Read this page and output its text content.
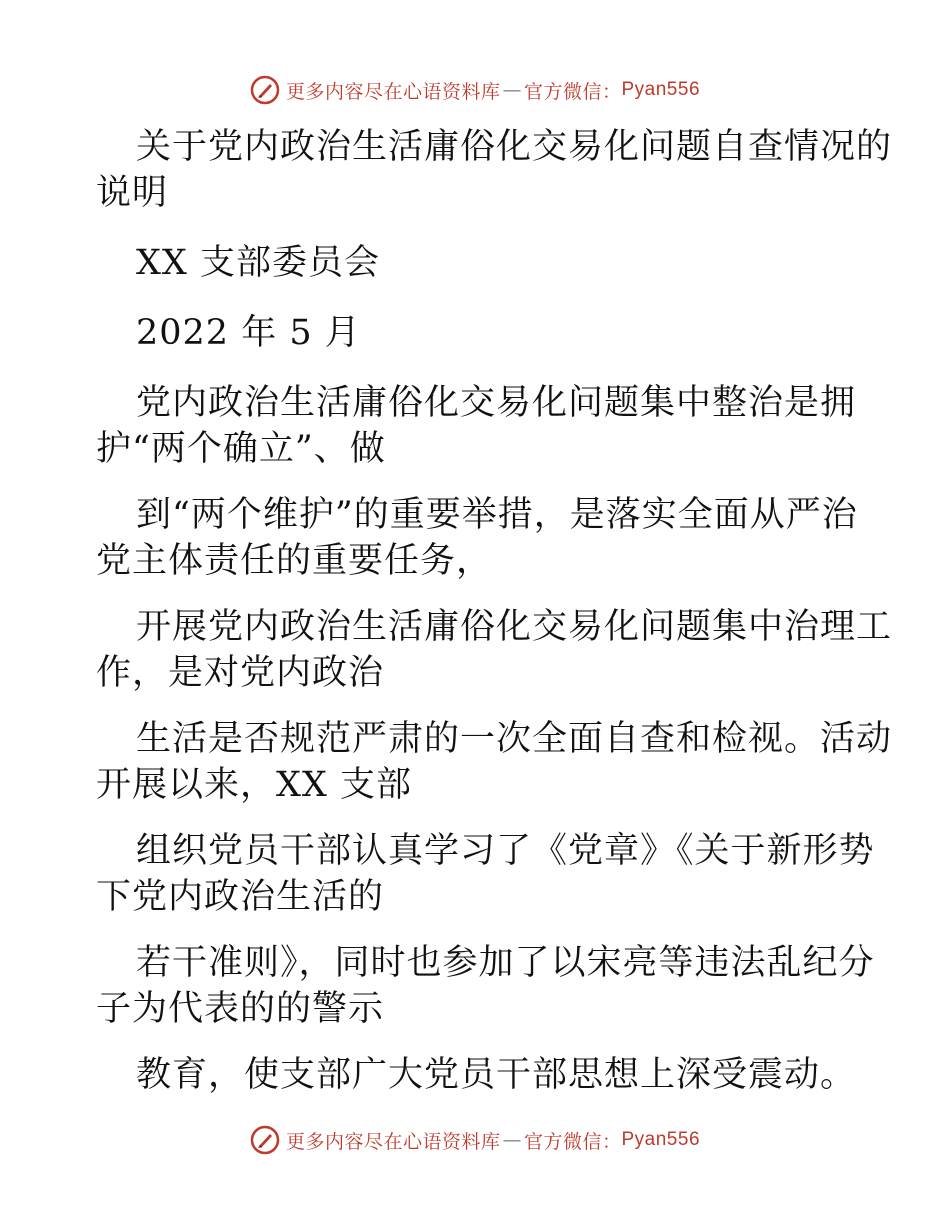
更多内容尽在心语资料库 — 官方微信： Pyan556
关于党内政治生活庸俗化交易化问题自查情况的
说明
XX 支部委员会
2022 年 5 月
党内政治生活庸俗化交易化问题集中整治是拥
护“两个确立”、做
到“两个维护”的重要举措，是落实全面从严治
党主体责任的重要任务，
开展党内政治生活庸俗化交易化问题集中治理工
作，是对党内政治
生活是否规范严肃的一次全面自查和检视。活动
开展以来，XX 支部
组织党员干部认真学习了《党章》《关于新形势
下党内政治生活的
若干准则》，同时也参加了以宋亮等违法乱纪分
子为代表的的警示
教育，使支部广大党员干部思想上深受震动。
更多内容尽在心语资料库 — 官方微信： Pyan556
